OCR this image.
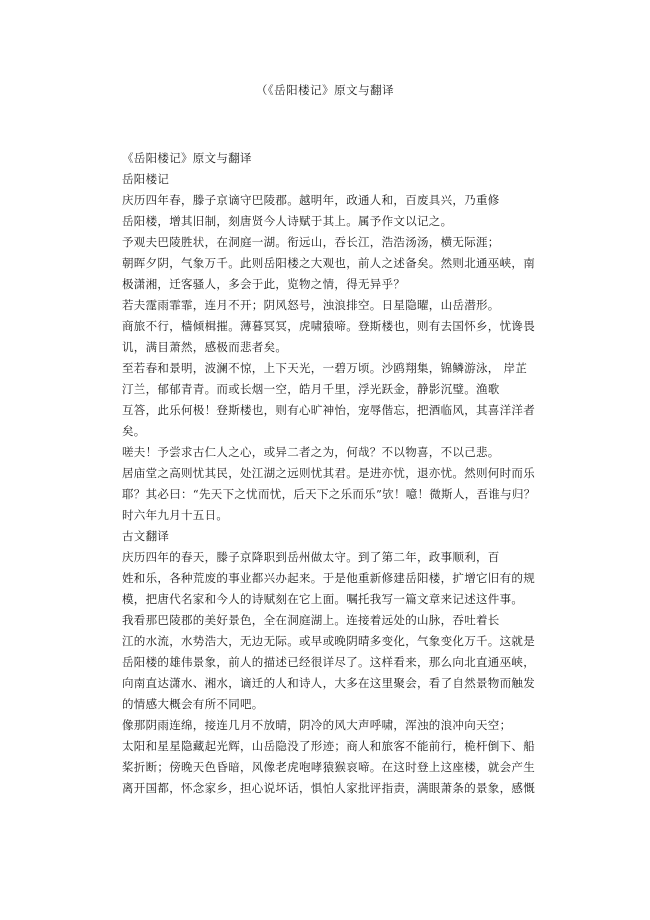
（《岳阳楼记》原文与翻译
《岳阳楼记》原文与翻译
岳阳楼记
庆历四年春，滕子京谪守巴陵郡。越明年，政通人和，百废具兴，乃重修
岳阳楼，增其旧制，刻唐贤今人诗赋于其上。属予作文以记之。
予观夫巴陵胜状，在洞庭一湖。衔远山，吞长江，浩浩汤汤，横无际涯；
朝晖夕阴，气象万千。此则岳阳楼之大观也，前人之述备矣。然则北通巫峡，南
极潇湘，迁客骚人，多会于此，览物之情，得无异乎？
若夫霪雨霏霏，连月不开；阴风怒号，浊浪排空。日星隐曜，山岳潜形。
商旅不行，樯倾楫摧。薄暮冥冥，虎啸猿啼。登斯楼也，则有去国怀乡，忧谗畏
讥，满目萧然，感极而悲者矣。
至若春和景明，波澜不惊，上下天光，一碧万顷。沙鸥翔集，锦鳞游泳， 岸芷
汀兰，郁郁青青。而或长烟一空，皓月千里，浮光跃金，静影沉璧。渔歌
互答，此乐何极！登斯楼也，则有心旷神怡，宠辱偕忘，把酒临风，其喜洋洋者
矣。
嗟夫！予尝求古仁人之心，或异二者之为，何哉？不以物喜，不以己悲。
居庙堂之高则忧其民，处江湖之远则忧其君。是进亦忧，退亦忧。然则何时而乐
耶？其必曰：“先天下之忧而忧，后天下之乐而乐”欤！噫！微斯人，吾谁与归？
时六年九月十五日。
古文翻译
庆历四年的春天，滕子京降职到岳州做太守。到了第二年，政事顺利，百
姓和乐，各种荒废的事业都兴办起来。于是他重新修建岳阳楼，扩增它旧有的规
模，把唐代名家和今人的诗赋刻在它上面。嘱托我写一篇文章来记述这件事。
我看那巴陵郡的美好景色，全在洞庭湖上。连接着远处的山脉，吞吐着长
江的水流，水势浩大，无边无际。或早或晚阴晴多变化，气象变化万千。这就是
岳阳楼的雄伟景象，前人的描述已经很详尽了。这样看来，那么向北直通巫峡，
向南直达潇水、湘水，谪迁的人和诗人，大多在这里聚会，看了自然景物而触发
的情感大概会有所不同吧。
像那阴雨连绵，接连几月不放晴，阴冷的风大声呼啸，浑浊的浪冲向天空；
太阳和星星隐藏起光辉，山岳隐没了形迹；商人和旅客不能前行，桅杆倒下、船
桨折断；傍晚天色昏暗，风像老虎咆哮猿猴哀啼。在这时登上这座楼，就会产生
离开国都，怀念家乡，担心说坏话，惧怕人家批评指责，满眼萧条的景象，感慨
